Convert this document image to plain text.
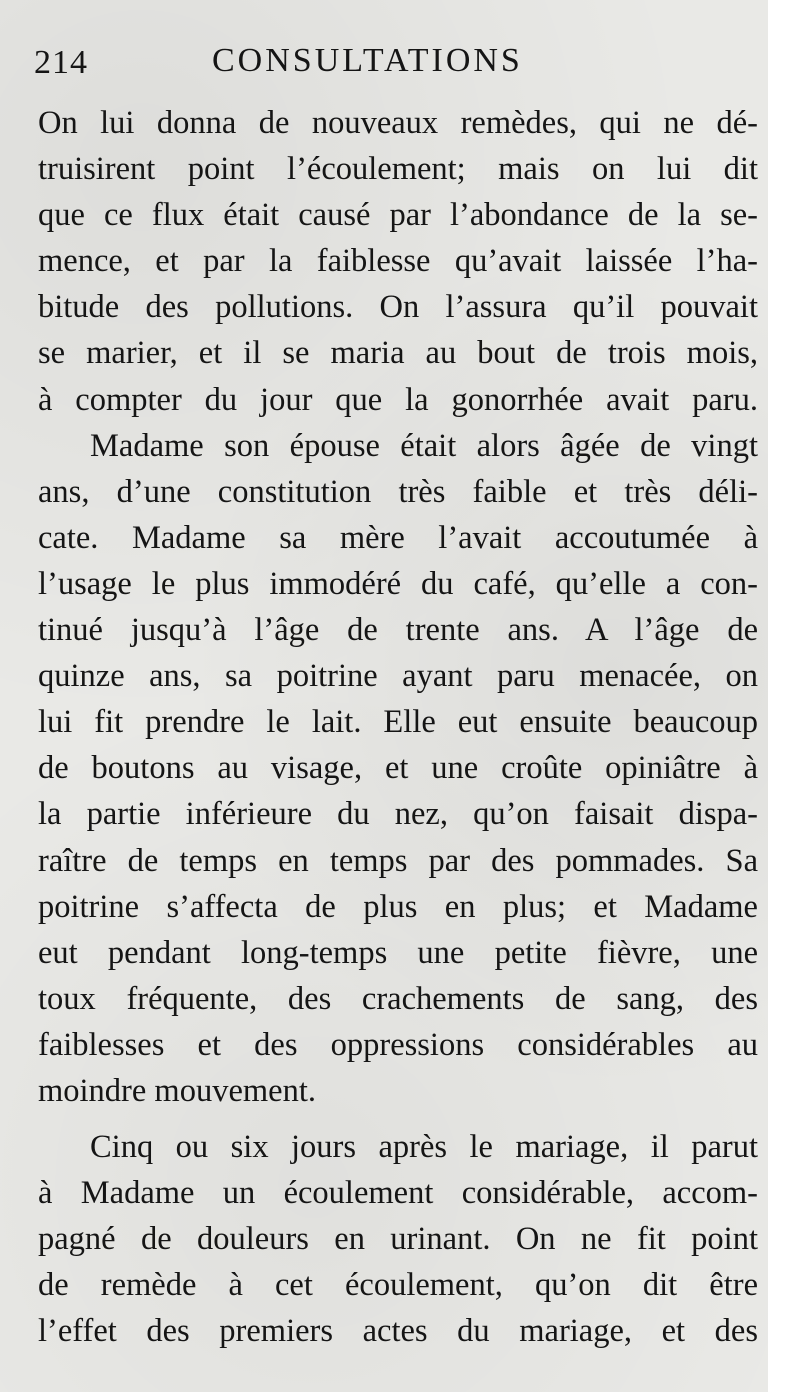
214	CONSULTATIONS
On lui donna de nouveaux remèdes, qui ne dé-
truisirent point l’écoulement; mais on lui dit
que ce flux était causé par l’abondance de la se-
mence, et par la faiblesse qu’avait laissée l’ha-
bitude des pollutions. On l’assura qu’il pouvait
se marier, et il se maria au bout de trois mois,
à compter du jour que la gonorrhée avait paru.
Madame son épouse était alors âgée de vingt
ans, d’une constitution très faible et très déli-
cate. Madame sa mère l’avait accoutumée à
l’usage le plus immodéré du café, qu’elle a con-
tinué jusqu’à l’âge de trente ans. A l’âge de
quinze ans, sa poitrine ayant paru menacée, on
lui fit prendre le lait. Elle eut ensuite beaucoup
de boutons au visage, et une croûte opiniâtre à
la partie inférieure du nez, qu’on faisait dispa-
raître de temps en temps par des pommades. Sa
poitrine s’affecta de plus en plus; et Madame
eut pendant long-temps une petite fièvre, une
toux fréquente, des crachements de sang, des
faiblesses et des oppressions considérables au
moindre mouvement.
Cinq ou six jours après le mariage, il parut
à Madame un écoulement considérable, accom-
pagné de douleurs en urinant. On ne fit point
de remède à cet écoulement, qu’on dit être
l’effet des premiers actes du mariage, et des
